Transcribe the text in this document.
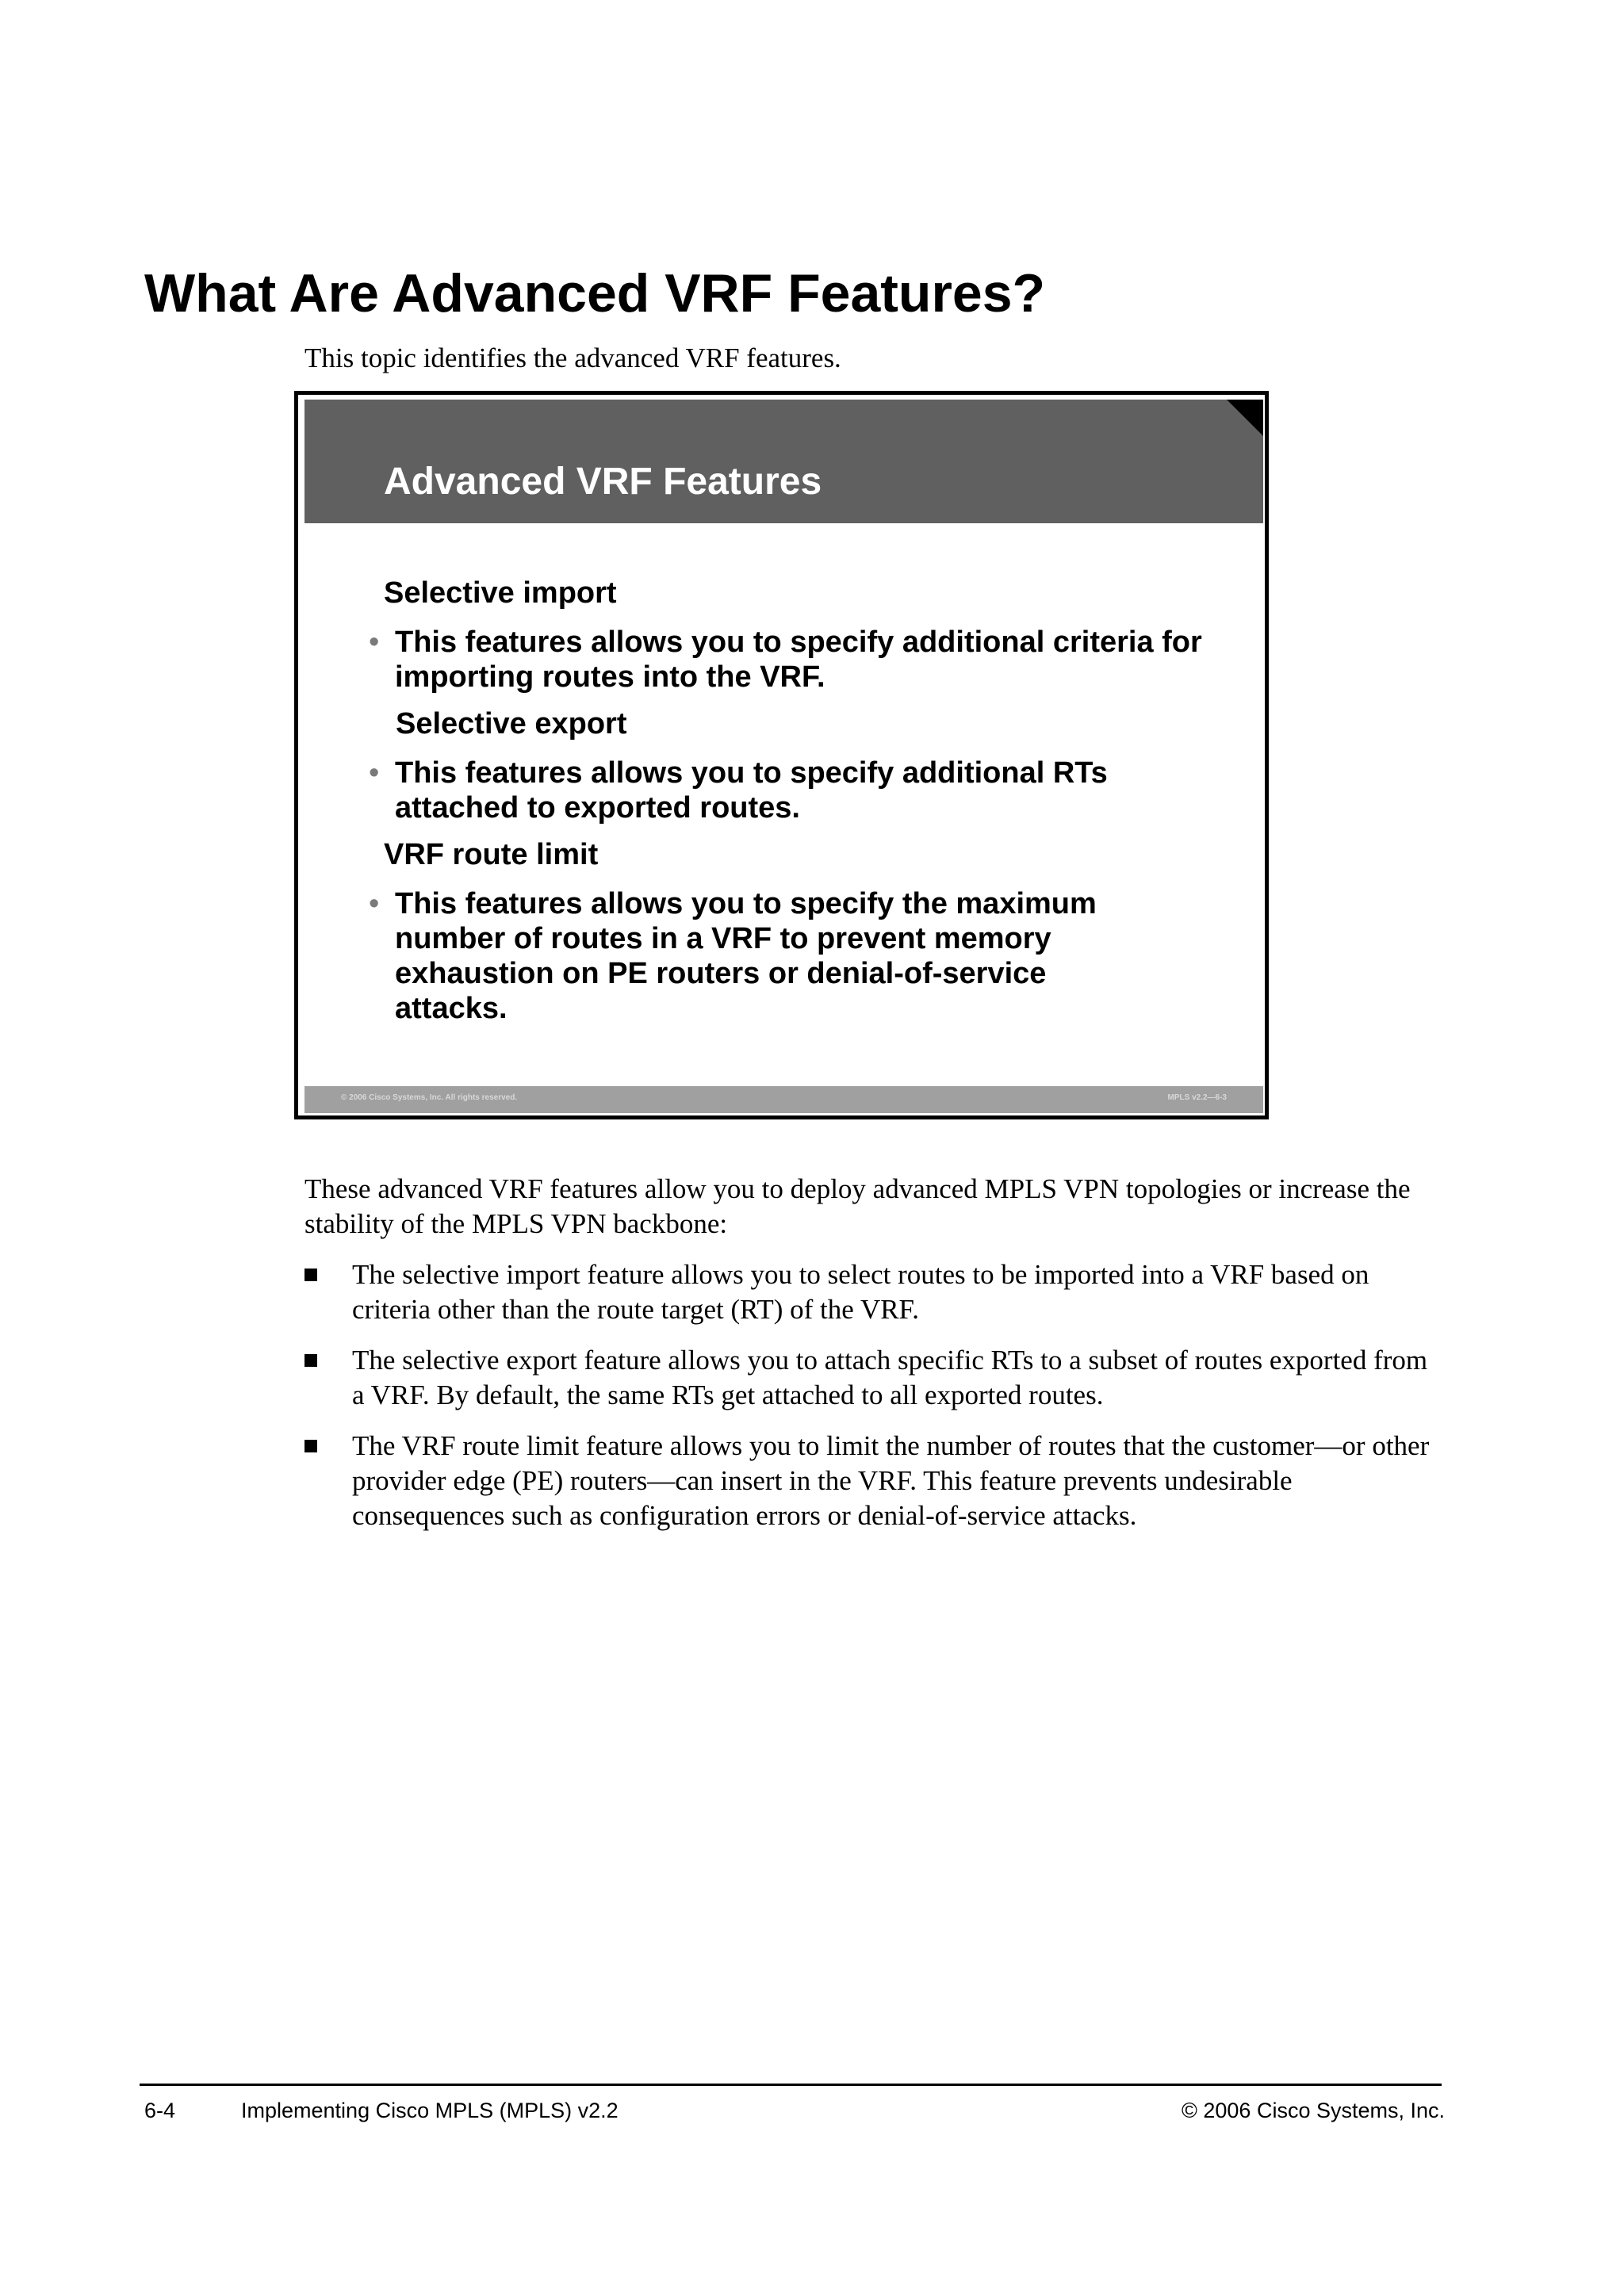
What Are Advanced VRF Features?
This topic identifies the advanced VRF features.
Advanced VRF Features
Selective import
• This features allows you to specify additional criteria for importing routes into the VRF.
Selective export
• This features allows you to specify additional RTs attached to exported routes.
VRF route limit
• This features allows you to specify the maximum number of routes in a VRF to prevent memory exhaustion on PE routers or denial-of-service attacks.
© 2006 Cisco Systems, Inc. All rights reserved.	MPLS v2.2—6-3
These advanced VRF features allow you to deploy advanced MPLS VPN topologies or increase the stability of the MPLS VPN backbone:
The selective import feature allows you to select routes to be imported into a VRF based on criteria other than the route target (RT) of the VRF.
The selective export feature allows you to attach specific RTs to a subset of routes exported from a VRF. By default, the same RTs get attached to all exported routes.
The VRF route limit feature allows you to limit the number of routes that the customer—or other provider edge (PE) routers—can insert in the VRF. This feature prevents undesirable consequences such as configuration errors or denial-of-service attacks.
6-4	Implementing Cisco MPLS (MPLS) v2.2	© 2006 Cisco Systems, Inc.
